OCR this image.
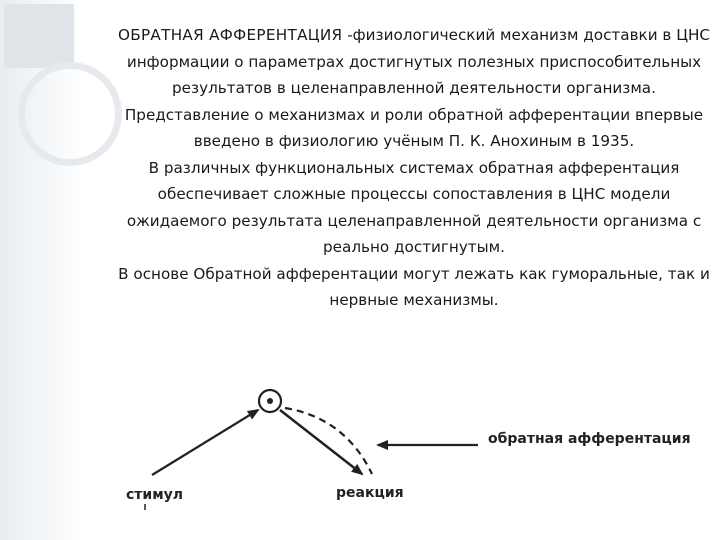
ОБРАТНАЯ АФФЕРЕНТАЦИЯ -физиологический механизм доставки в ЦНС информации о параметрах достигнутых полезных приспособительных результатов в целенаправленной деятельности организма.

Представление о механизмах и роли обратной афферентации впервые введено в физиологию учёным П. К. Анохиным в 1935.

В различных функциональных системах обратная афферентация обеспечивает сложные процессы сопоставления в ЦНС модели ожидаемого результата целенаправленной деятельности организма с реально достигнутым.

В основе Обратной афферентации могут лежать как гуморальные, так и нервные механизмы.

стимул	реакция
обратная афферентация
